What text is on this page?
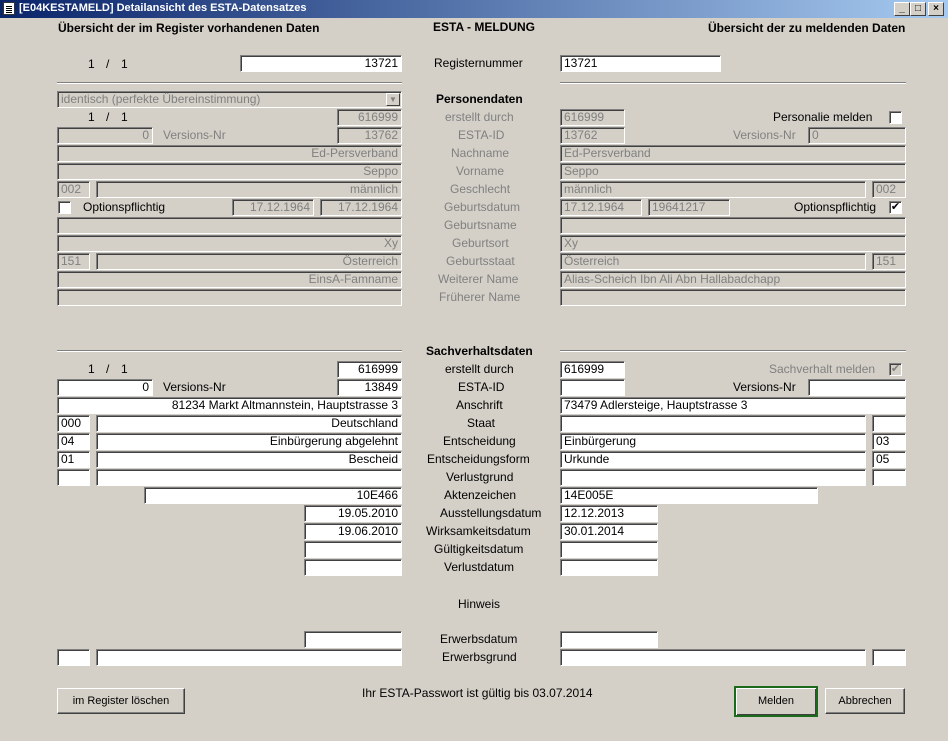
[E04KESTAMELD] Detailansicht des ESTA-Datensatzes	_	□	×
Übersicht der im Register vorhandenen Daten	ESTA - MELDUNG	Übersicht der zu meldenden Daten
1 / 1	13721	Registernummer	13721
Personendaten
identisch (perfekte Übereinstimmung)	▼
1 / 1	616999	erstellt durch	616999	Personalie melden
0	Versions-Nr	13762	ESTA-ID	13762	Versions-Nr	0
Ed-Persverband	Nachname	Ed-Persverband
Seppo	Vorname	Seppo
002	männlich	Geschlecht	männlich	002
Optionspflichtig	17.12.1964	17.12.1964	Geburtsdatum	17.12.1964	19641217	Optionspflichtig ✔
Geburtsname
Xy	Geburtsort	Xy
151	Österreich	Geburtsstaat	Österreich	151
EinsA-Famname	Weiterer Name	Alias-Scheich Ibn Ali Abn Hallabadchapp
Früherer Name
Sachverhaltsdaten
1 / 1	616999	erstellt durch	616999	Sachverhalt melden ✔
0	Versions-Nr	13849	ESTA-ID	Versions-Nr
81234 Markt Altmannstein, Hauptstrasse 3	Anschrift	73479 Adlersteige, Hauptstrasse 3
000	Deutschland	Staat
04	Einbürgerung abgelehnt	Entscheidung	Einbürgerung	03
01	Bescheid	Entscheidungsform	Urkunde	05
Verlustgrund
10E466	Aktenzeichen	14E005E
19.05.2010	Ausstellungsdatum	12.12.2013
19.06.2010	Wirksamkeitsdatum	30.01.2014
Gültigkeitsdatum
Verlustdatum
Hinweis
Erwerbsdatum
Erwerbsgrund
im Register löschen
Ihr ESTA-Passwort ist gültig bis 03.07.2014
Melden	Abbrechen
